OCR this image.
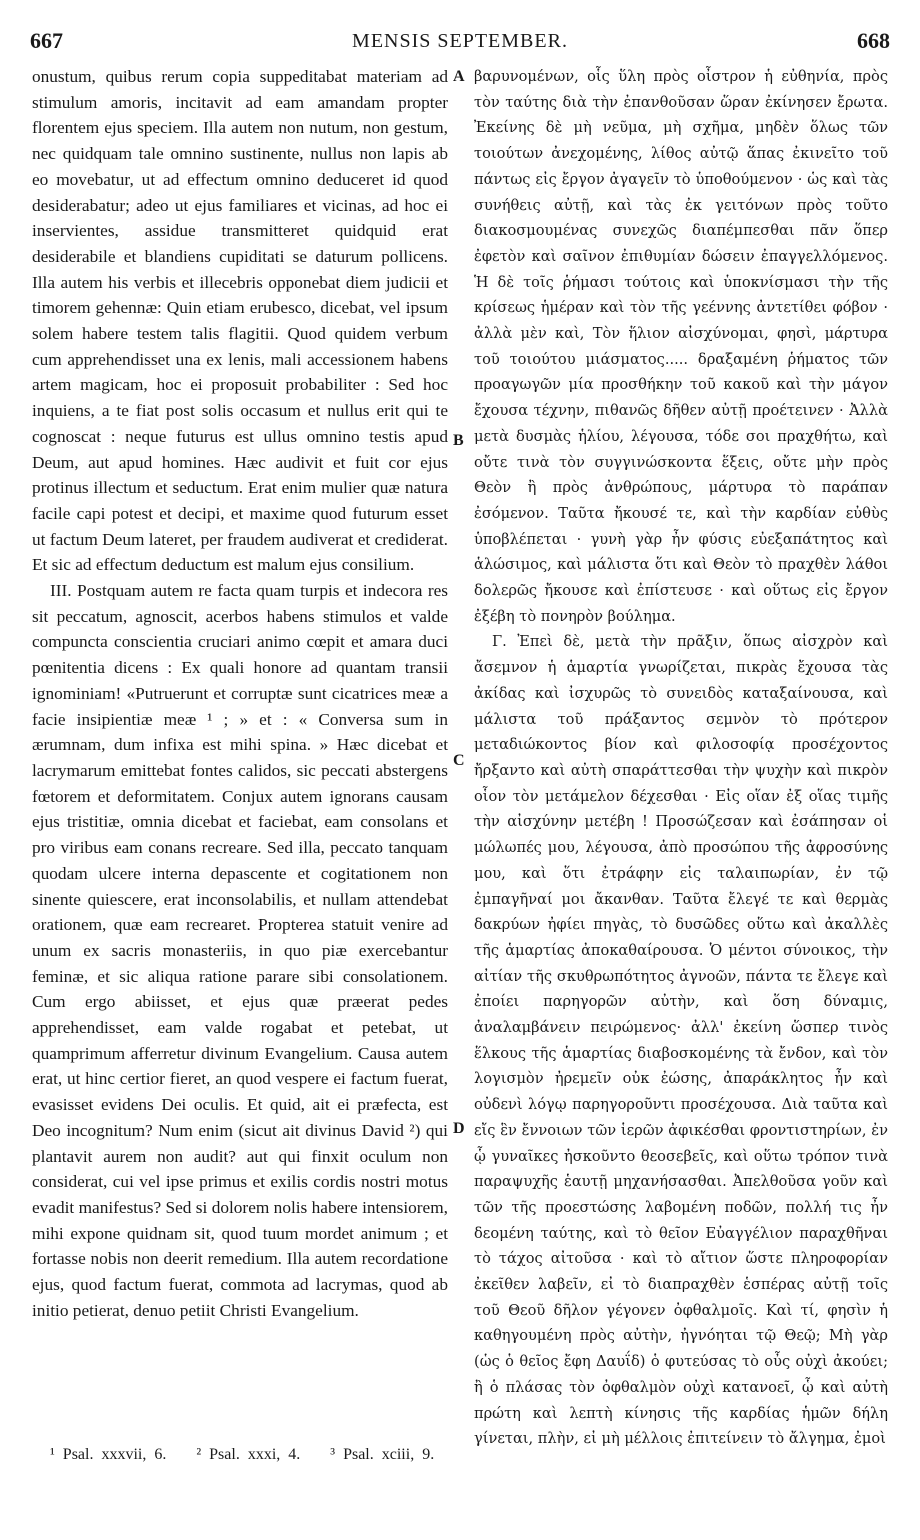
667	MENSIS SEPTEMBER.	668

onustum, quibus rerum copia suppeditabat materiam ad stimulum amoris, incitavit ad eam amandam propter florentem ejus speciem. Illa autem non nutum, non gestum, nec quidquam tale omnino sustinente, nullus non lapis ab eo movebatur, ut ad effectum omnino deduceret id quod desiderabatur; adeo ut ejus familiares et vicinas, ad hoc ei inservientes, assidue transmitteret quidquid erat desiderabile et blandiens cupiditati se daturum pollicens. Illa autem his verbis et illecebris opponebat diem judicii et timorem gehennæ: Quin etiam erubesco, dicebat, vel ipsum solem habere testem talis flagitii. Quod quidem verbum cum apprehendisset una ex lenis, mali accessionem habens artem magicam, hoc ei proposuit probabiliter : Sed hoc inquiens, a te fiat post solis occasum et nullus erit qui te cognoscat : neque futurus est ullus omnino testis apud Deum, aut apud homines. Hæc audivit et fuit cor ejus protinus illectum et seductum. Erat enim mulier quæ natura facile capi potest et decipi, et maxime quod futurum esset ut factum Deum lateret, per fraudem audiverat et crediderat. Et sic ad effectum deductum est malum ejus consilium.

III. Postquam autem re facta quam turpis et indecora res sit peccatum, agnoscit, acerbos habens stimulos et valde compuncta conscientia cruciari animo cœpit et amara duci pœnitentia dicens : Ex quali honore ad quantam transii ignominiam! «Putruerunt et corruptæ sunt cicatrices meæ a facie insipientiæ meæ ¹ ; » et : « Conversa sum in ærumnam, dum infixa est mihi spina. » Hæc dicebat et lacrymarum emittebat fontes calidos, sic peccati abstergens fœtorem et deformitatem. Conjux autem ignorans causam ejus tristitiæ, omnia dicebat et faciebat, eam consolans et pro viribus eam conans recreare. Sed illa, peccato tanquam quodam ulcere interna depascente et cogitationem non sinente quiescere, erat inconsolabilis, et nullam attendebat orationem, quæ eam recrearet. Propterea statuit venire ad unum ex sacris monasteriis, in quo piæ exercebantur feminæ, et sic aliqua ratione parare sibi consolationem. Cum ergo abiisset, et ejus quæ præerat pedes apprehendisset, eam valde rogabat et petebat, ut quamprimum afferretur divinum Evangelium. Causa autem erat, ut hinc certior fieret, an quod vespere ei factum fuerat, evasisset evidens Dei oculis. Et quid, ait ei præfecta, est Deo incognitum? Num enim (sicut ait divinus David ²) qui plantavit aurem non audit? aut qui finxit oculum non considerat, cui vel ipse primus et exilis cordis nostri motus evadit manifestus? Sed si dolorem nolis habere intensiorem, mihi expone quidnam sit, quod tuum mordet animum ; et fortasse nobis non deerit remedium. Illa autem recordatione ejus, quod factum fuerat, commota ad lacrymas, quod ab initio petierat, denuo petiit Christi Evangelium.

A
B
C
D

βαρυνομένων, οἷς ὕλη πρὸς οἶστρον ἡ εὐθηνία, πρὸς τὸν ταύτης διὰ τὴν ἐπανθοῦσαν ὥραν ἐκίνησεν ἔρωτα. Ἐκείνης δὲ μὴ νεῦμα, μὴ σχῆμα, μηδὲν ὅλως τῶν τοιούτων ἀνεχομένης, λίθος αὐτῷ ἅπας ἐκινεῖτο τοῦ πάντως εἰς ἔργον ἀγαγεῖν τὸ ὑποθούμενον · ὡς καὶ τὰς συνήθεις αὐτῇ, καὶ τὰς ἐκ γειτόνων πρὸς τοῦτο διακοσμουμένας συνεχῶς διαπέμπεσθαι πᾶν ὅπερ ἐφετὸν καὶ σαῖνον ἐπιθυμίαν δώσειν ἐπαγγελλόμενος. Ἡ δὲ τοῖς ῥήμασι τούτοις καὶ ὑποκνίσμασι τὴν τῆς κρίσεως ἡμέραν καὶ τὸν τῆς γεέννης ἀντετίθει φόβον · ἀλλὰ μὲν καὶ, Τὸν ἥλιον αἰσχύνομαι, φησὶ, μάρτυρα τοῦ τοιούτου μιάσματος..... δραξαμένη ῥήματος τῶν προαγωγῶν μία προσθήκην τοῦ κακοῦ καὶ τὴν μάγον ἔχουσα τέχνην, πιθανῶς δῆθεν αὐτῇ προέτεινεν · Ἀλλὰ μετὰ δυσμὰς ἡλίου, λέγουσα, τόδε σοι πραχθήτω, καὶ οὔτε τινὰ τὸν συγγινώσκοντα ἕξεις, οὔτε μὴν πρὸς Θεὸν ἢ πρὸς ἀνθρώπους, μάρτυρα τὸ παράπαν ἐσόμενον. Ταῦτα ἤκουσέ τε, καὶ τὴν καρδίαν εὐθὺς ὑποβλέπεται · γυνὴ γὰρ ἦν φύσις εὐεξαπάτητος καὶ ἁλώσιμος, καὶ μάλιστα ὅτι καὶ Θεὸν τὸ πραχθὲν λάθοι δολερῶς ἤκουσε καὶ ἐπίστευσε · καὶ οὕτως εἰς ἔργον ἐξέβη τὸ πονηρὸν βούλημα.

Γ. Ἐπεὶ δὲ, μετὰ τὴν πρᾶξιν, ὅπως αἰσχρὸν καὶ ἄσεμνον ἡ ἁμαρτία γνωρίζεται, πικρὰς ἔχουσα τὰς ἀκίδας καὶ ἰσχυρῶς τὸ συνειδὸς καταξαίνουσα, καὶ μάλιστα τοῦ πράξαντος σεμνὸν τὸ πρότερον μεταδιώκοντος βίον καὶ φιλοσοφίᾳ προσέχοντος ἤρξαντο καὶ αὐτὴ σπαράττεσθαι τὴν ψυχὴν καὶ πικρὸν οἷον τὸν μετάμελον δέχεσθαι · Εἰς οἵαν ἐξ οἵας τιμῆς τὴν αἰσχύνην μετέβη ! Προσώζεσαν καὶ ἐσάπησαν οἱ μώλωπές μου, λέγουσα, ἀπὸ προσώπου τῆς ἀφροσύνης μου, καὶ ὅτι ἐτράφην εἰς ταλαιπωρίαν, ἐν τῷ ἐμπαγῆναί μοι ἄκανθαν. Ταῦτα ἔλεγέ τε καὶ θερμὰς δακρύων ἠφίει πηγὰς, τὸ δυσῶδες οὕτω καὶ ἀκαλλὲς τῆς ἁμαρτίας ἀποκαθαίρουσα. Ὁ μέντοι σύνοικος, τὴν αἰτίαν τῆς σκυθρωπότητος ἀγνοῶν, πάντα τε ἔλεγε καὶ ἐποίει παρηγορῶν αὐτὴν, καὶ ὅση δύναμις, ἀναλαμβάνειν πειρώμενος· ἀλλ' ἐκείνη ὥσπερ τινὸς ἕλκους τῆς ἁμαρτίας διαβοσκομένης τὰ ἔνδον, καὶ τὸν λογισμὸν ἠρεμεῖν οὐκ ἐώσης, ἀπαράκλητος ἦν καὶ οὐδενὶ λόγῳ παρηγοροῦντι προσέχουσα. Διὰ ταῦτα καὶ εἴς ἓν ἔννοιων τῶν ἱερῶν ἀφικέσθαι φροντιστηρίων, ἐν ᾧ γυναῖκες ἠσκοῦντο θεοσεβεῖς, καὶ οὕτω τρόπον τινὰ παραψυχῆς ἑαυτῇ μηχανήσασθαι. Ἀπελθοῦσα γοῦν καὶ τῶν τῆς προεστώσης λαβομένη ποδῶν, πολλή τις ἦν δεομένη ταύτης, καὶ τὸ θεῖον Εὐαγγέλιον παραχθῆναι τὸ τάχος αἰτοῦσα · καὶ τὸ αἴτιον ὥστε πληροφορίαν ἐκεῖθεν λαβεῖν, εἰ τὸ διαπραχθὲν ἑσπέρας αὐτῇ τοῖς τοῦ Θεοῦ δῆλον γέγονεν ὀφθαλμοῖς. Καὶ τί, φησὶν ἡ καθηγουμένη πρὸς αὐτὴν, ἠγνόηται τῷ Θεῷ; Μὴ γὰρ (ὡς ὁ θεῖος ἔφη Δαυΐδ) ὁ φυτεύσας τὸ οὖς οὐχὶ ἀκούει; ἢ ὁ πλάσας τὸν ὀφθαλμὸν οὐχὶ κατανοεῖ, ᾧ καὶ αὐτὴ πρώτη καὶ λεπτὴ κίνησις τῆς καρδίας ἡμῶν δήλη γίνεται, πλὴν, εἰ μὴ μέλλοις ἐπιτείνειν τὸ ἄλγημα, ἐμοὶ

¹ Psal. xxxvii, 6. ² Psal. xxxi, 4. ³ Psal. xciii, 9.
